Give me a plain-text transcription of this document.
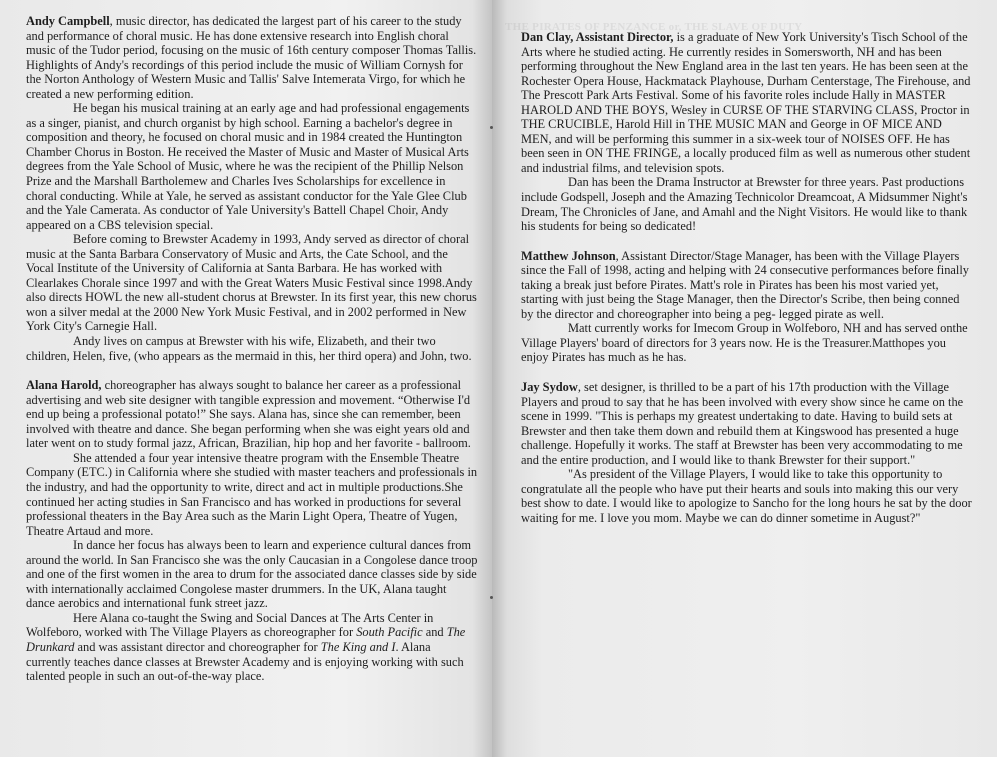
THE PIRATES OF PENZANCE or, THE SLAVE OF DUTY

Andy Campbell, music director, has dedicated the largest part of his career to the study and performance of choral music. He has done extensive research into English choral music of the Tudor period, focusing on the music of 16th century composer Thomas Tallis. Highlights of Andy's recordings of this period include the music of William Cornysh for the Norton Anthology of Western Music and Tallis' Salve Intemerata Virgo, for which he created a new performing edition.

He began his musical training at an early age and had professional engagements as a singer, pianist, and church organist by high school. Earning a bachelor's degree in composition and theory, he focused on choral music and in 1984 created the Huntington Chamber Chorus in Boston. He received the Master of Music and Master of Musical Arts degrees from the Yale School of Music, where he was the recipient of the Phillip Nelson Prize and the Marshall Bartholemew and Charles Ives Scholarships for excellence in choral conducting. While at Yale, he served as assistant conductor for the Yale Glee Club and the Yale Camerata. As conductor of Yale University's Battell Chapel Choir, Andy appeared on a CBS television special.

Before coming to Brewster Academy in 1993, Andy served as director of choral music at the Santa Barbara Conservatory of Music and Arts, the Cate School, and the Vocal Institute of the University of California at Santa Barbara. He has worked with Clearlakes Chorale since 1997 and with the Great Waters Music Festival since 1998.Andy also directs HOWL the new all-student chorus at Brewster. In its first year, this new chorus won a silver medal at the 2000 New York Music Festival, and in 2002 performed in New York City's Carnegie Hall.

Andy lives on campus at Brewster with his wife, Elizabeth, and their two children, Helen, five, (who appears as the mermaid in this, her third opera) and John, two.

Alana Harold, choreographer has always sought to balance her career as a professional advertising and web site designer with tangible expression and movement. “Otherwise I'd end up being a professional potato!” She says. Alana has, since she can remember, been involved with theatre and dance. She began performing when she was eight years old and later went on to study formal jazz, African, Brazilian, hip hop and her favorite - ballroom.

She attended a four year intensive theatre program with the Ensemble Theatre Company (ETC.) in California where she studied with master teachers and professionals in the industry, and had the opportunity to write, direct and act in multiple productions.She continued her acting studies in San Francisco and has worked in productions for several professional theaters in the Bay Area such as the Marin Light Opera, Theatre of Yugen, Theatre Artaud and more.

In dance her focus has always been to learn and experience cultural dances from around the world. In San Francisco she was the only Caucasian in a Congolese dance troop and one of the first women in the area to drum for the associated dance classes side by side with internationally acclaimed Congolese master drummers. In the UK, Alana taught dance aerobics and international funk street jazz.

Here Alana co-taught the Swing and Social Dances at The Arts Center in Wolfeboro, worked with The Village Players as choreographer for South Pacific and The Drunkard and was assistant director and choreographer for The King and I. Alana currently teaches dance classes at Brewster Academy and is enjoying working with such talented people in such an out-of-the-way place.

Dan Clay, Assistant Director, is a graduate of New York University's Tisch School of the Arts where he studied acting. He currently resides in Somersworth, NH and has been performing throughout the New England area in the last ten years. He has been seen at the Rochester Opera House, Hackmatack Playhouse, Durham Centerstage, The Firehouse, and The Prescott Park Arts Festival. Some of his favorite roles include Hally in MASTER HAROLD AND THE BOYS, Wesley in CURSE OF THE STARVING CLASS, Proctor in THE CRUCIBLE, Harold Hill in THE MUSIC MAN and George in OF MICE AND MEN, and will be performing this summer in a six-week tour of NOISES OFF. He has been seen in ON THE FRINGE, a locally produced film as well as numerous other student and industrial films, and television spots.

Dan has been the Drama Instructor at Brewster for three years. Past productions include Godspell, Joseph and the Amazing Technicolor Dreamcoat, A Midsummer Night's Dream, The Chronicles of Jane, and Amahl and the Night Visitors. He would like to thank his students for being so dedicated!

Matthew Johnson, Assistant Director/Stage Manager, has been with the Village Players since the Fall of 1998, acting and helping with 24 consecutive performances before finally taking a break just before Pirates. Matt's role in Pirates has been his most varied yet, starting with just being the Stage Manager, then the Director's Scribe, then being conned by the director and choreographer into being a peg- legged pirate as well.

Matt currently works for Imecom Group in Wolfeboro, NH and has served onthe Village Players' board of directors for 3 years now. He is the Treasurer.Matthopes you enjoy Pirates has much as he has.

Jay Sydow, set designer, is thrilled to be a part of his 17th production with the Village Players and proud to say that he has been involved with every show since he came on the scene in 1999. "This is perhaps my greatest undertaking to date. Having to build sets at Brewster and then take them down and rebuild them at Kingswood has presented a huge challenge. Hopefully it works. The staff at Brewster has been very accommodating to me and the entire production, and I would like to thank Brewster for their support."

"As president of the Village Players, I would like to take this opportunity to congratulate all the people who have put their hearts and souls into making this our very best show to date. I would like to apologize to Sancho for the long hours he sat by the door waiting for me. I love you mom. Maybe we can do dinner sometime in August?"
